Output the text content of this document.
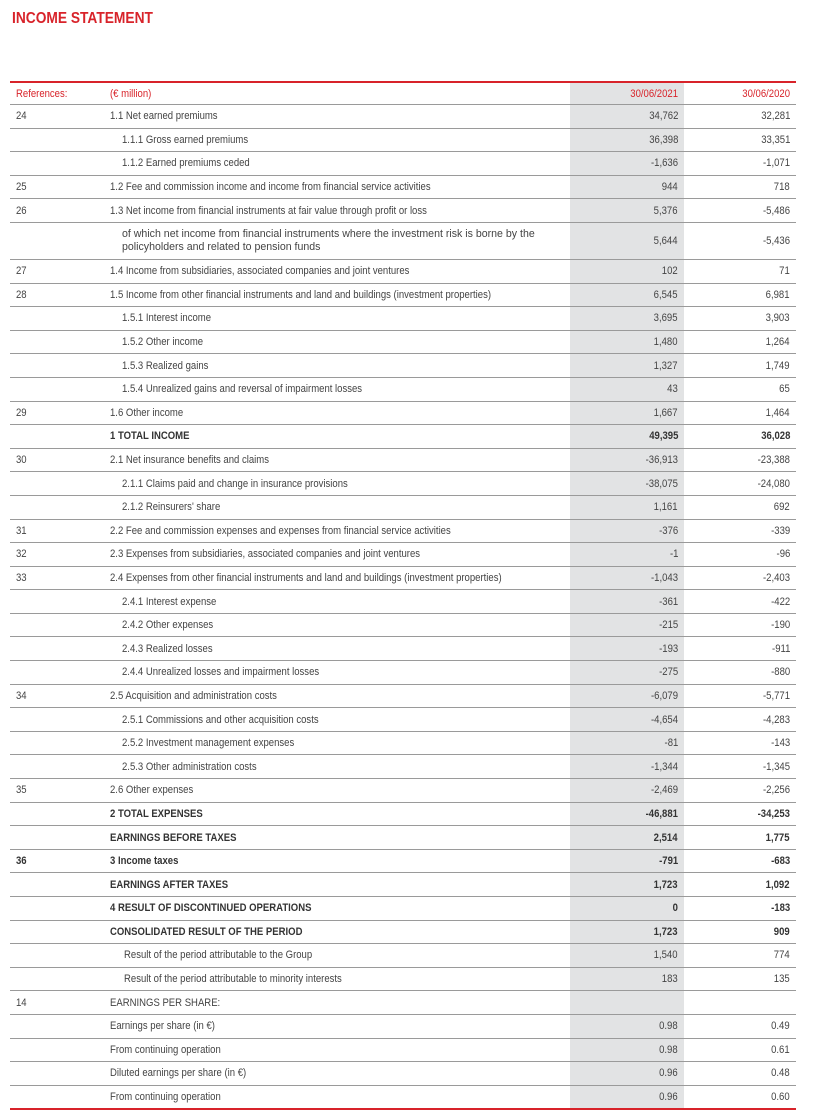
INCOME STATEMENT
References:	(€ million)	30/06/2021	30/06/2020
24	1.1 Net earned premiums	34,762	32,281
	1.1.1 Gross earned premiums	36,398	33,351
	1.1.2 Earned premiums ceded	-1,636	-1,071
25	1.2 Fee and commission income and income from financial service activities	944	718
26	1.3 Net income from financial instruments at fair value through profit or loss	5,376	-5,486
	of which net income from financial instruments where the investment risk is borne by the policyholders and related to pension funds	5,644	-5,436
27	1.4 Income from subsidiaries, associated companies and joint ventures	102	71
28	1.5 Income from other financial instruments and land and buildings (investment properties)	6,545	6,981
	1.5.1 Interest income	3,695	3,903
	1.5.2 Other income	1,480	1,264
	1.5.3 Realized gains	1,327	1,749
	1.5.4 Unrealized gains and reversal of impairment losses	43	65
29	1.6 Other income	1,667	1,464
	1 TOTAL INCOME	49,395	36,028
30	2.1 Net insurance benefits and claims	-36,913	-23,388
	2.1.1 Claims paid and change in insurance provisions	-38,075	-24,080
	2.1.2 Reinsurers' share	1,161	692
31	2.2 Fee and commission expenses and expenses from financial service activities	-376	-339
32	2.3 Expenses from subsidiaries, associated companies and joint ventures	-1	-96
33	2.4 Expenses from other financial instruments and land and buildings (investment properties)	-1,043	-2,403
	2.4.1 Interest expense	-361	-422
	2.4.2 Other expenses	-215	-190
	2.4.3 Realized losses	-193	-911
	2.4.4 Unrealized losses and impairment losses	-275	-880
34	2.5 Acquisition and administration costs	-6,079	-5,771
	2.5.1 Commissions and other acquisition costs	-4,654	-4,283
	2.5.2 Investment management expenses	-81	-143
	2.5.3 Other administration costs	-1,344	-1,345
35	2.6 Other expenses	-2,469	-2,256
	2 TOTAL EXPENSES	-46,881	-34,253
	EARNINGS BEFORE TAXES	2,514	1,775
36	3 Income taxes	-791	-683
	EARNINGS AFTER TAXES	1,723	1,092
	4 RESULT OF DISCONTINUED OPERATIONS	0	-183
	CONSOLIDATED RESULT OF THE PERIOD	1,723	909
	Result of the period attributable to the Group	1,540	774
	Result of the period attributable to minority interests	183	135
14	EARNINGS PER SHARE:		
	Earnings per share (in €)	0.98	0.49
	From continuing operation	0.98	0.61
	Diluted earnings per share (in €)	0.96	0.48
	From continuing operation	0.96	0.60
